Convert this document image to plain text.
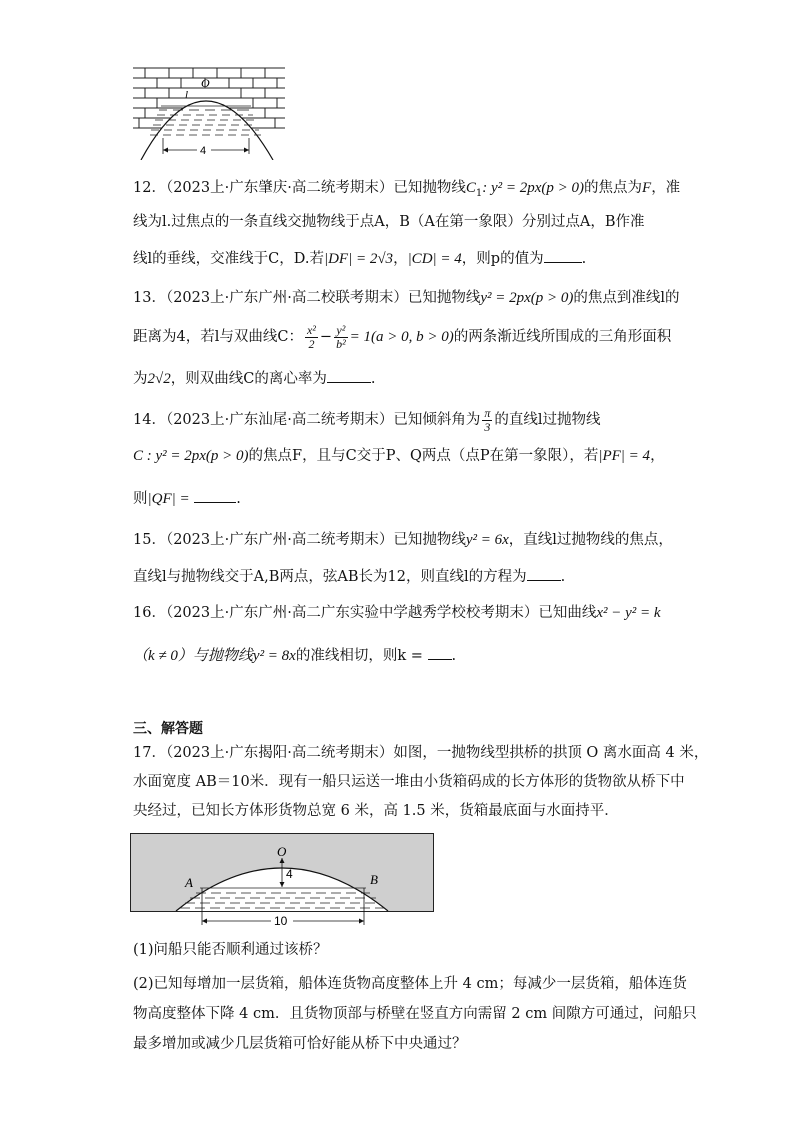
4
O
l
12．（2023上·广东肇庆·高二统考期末）已知抛物线$C_1$: y² = 2px(p > 0)的焦点为F，准
线为l.过焦点的一条直线交抛物线于点A，B（A在第一象限）分别过点A，B作准
线l的垂线，交准线于C，D.若|DF| = 2√3，|CD| = 4，则p的值为	.
13．（2023上·广东广州·高二校联考期末）已知抛物线y² = 2px(p > 0)的焦点到准线l的
距离为4，若l与双曲线C： $\frac{\text{x²}}{2} - \frac{\text{y²}}{\text{b²}} = 1(a > 0$, b > 0)的两条渐近线所围成的三角形面积
为2√2，则双曲线C的离心率为	.
14．（2023上·广东汕尾·高二统考期末）已知倾斜角为 $\frac{\pi}{3}$ 的直线l过抛物线
C : y² = 2px(p > 0)的焦点F，且与C交于P、Q两点（点P在第一象限），若|PF| = 4，
则|QF| =	.
15．（2023上·广东广州·高二统考期末）已知抛物线y² = 6x，直线l过抛物线的焦点，
直线l与抛物线交于A,B两点，弦AB长为12，则直线l的方程为 .
16．（2023上·广东广州·高二广东实验中学越秀学校校考期末）已知曲线x² − y² = k
（k ≠ 0）与抛物线y² = 8x的准线相切，则k = .
三、解答题
17．（2023上·广东揭阳·高二统考期末）如图，一抛物线型拱桥的拱顶 O 离水面高 4 米，
水面宽度 AB＝10米．现有一船只运送一堆由小货箱码成的长方体形的货物欲从桥下中
央经过，已知长方体形货物总宽 6 米，高 1.5 米，货箱最底面与水面持平．
10
4
O
A	B
(1)问船只能否顺利通过该桥？
(2)已知每增加一层货箱，船体连货物高度整体上升 4 cm；每减少一层货箱，船体连货
物高度整体下降 4 cm．且货物顶部与桥壁在竖直方向需留 2 cm 间隙方可通过，问船只
最多增加或减少几层货箱可恰好能从桥下中央通过？
